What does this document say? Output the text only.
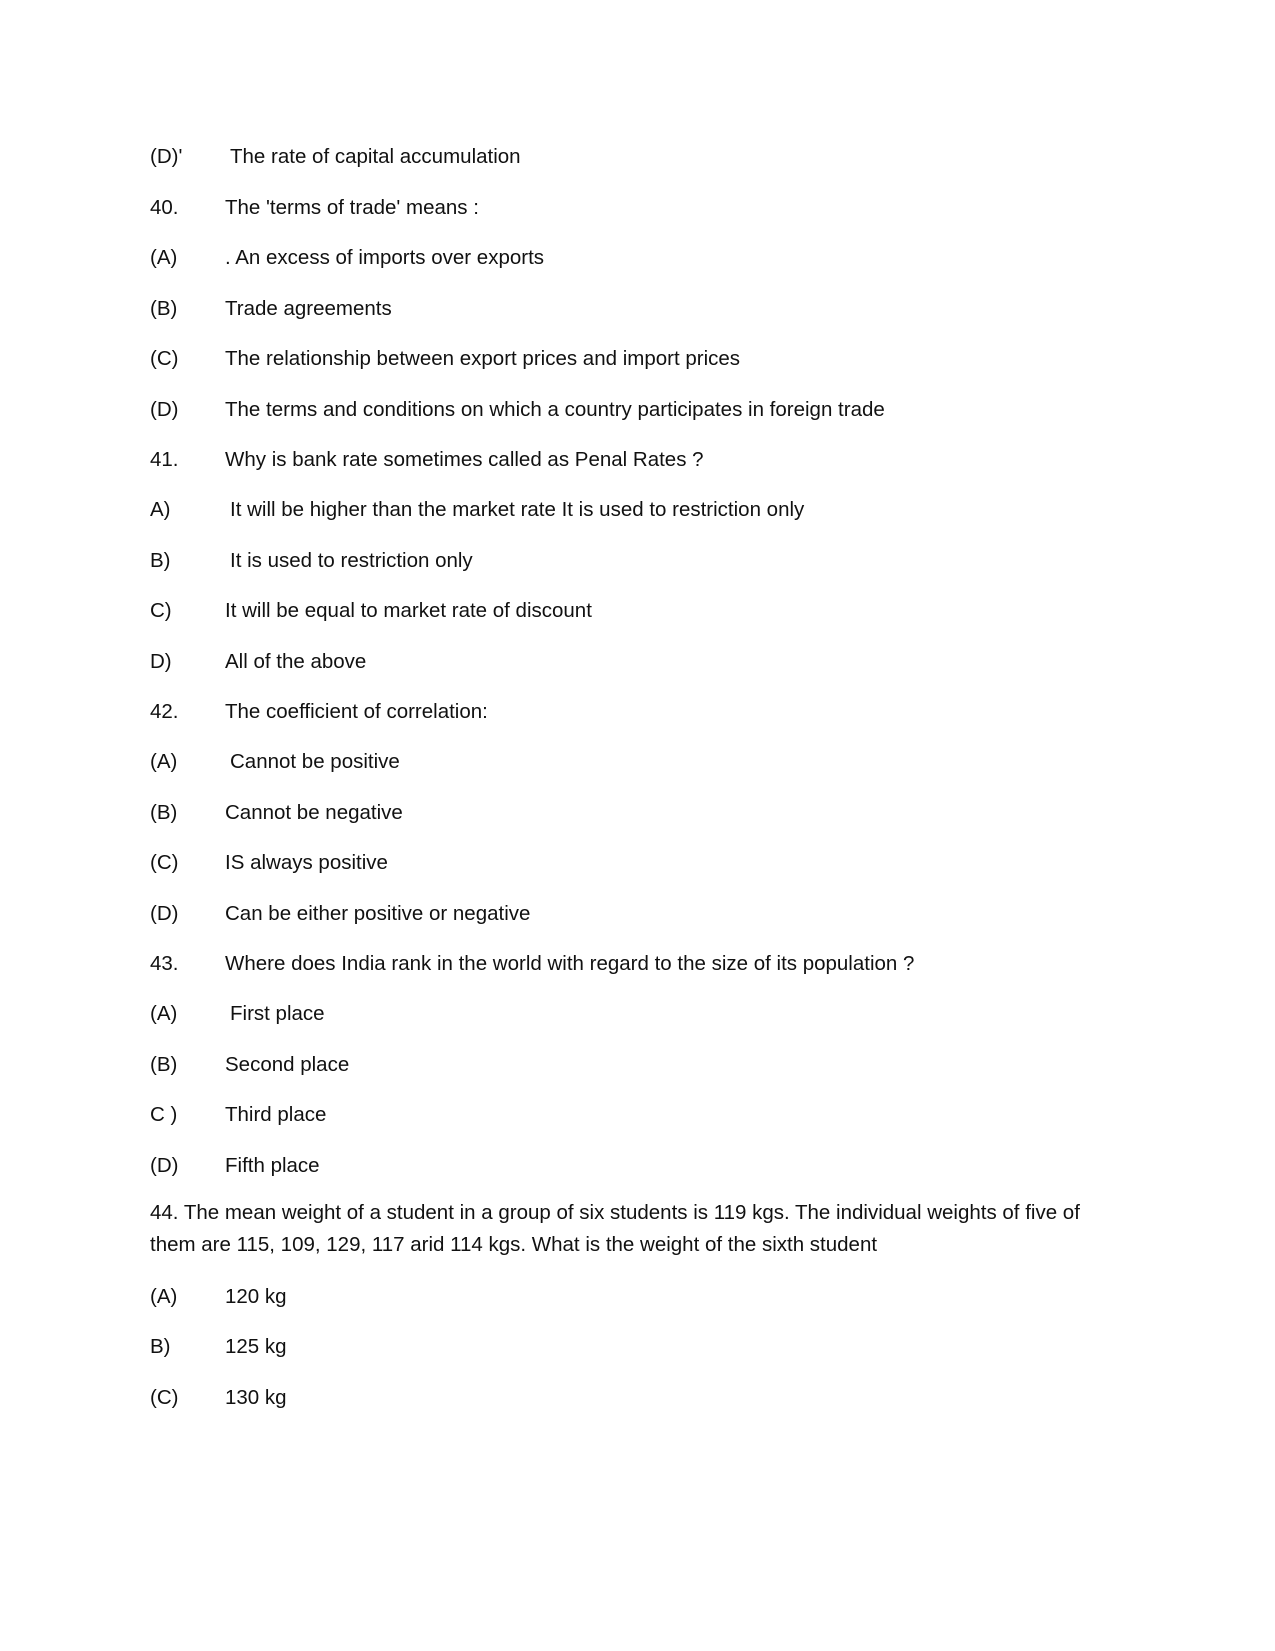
(D)' The rate of capital accumulation
40. The 'terms of trade' means :
(A) . An excess of imports over exports
(B) Trade agreements
(C) The relationship between export prices and import prices
(D) The terms and conditions on which a country participates in foreign trade
41. Why is bank rate sometimes called as Penal Rates ?
A)	It will be higher than the market rate It is used to restriction only
B)	It is used to restriction only
C)	It will be equal to market rate of discount
D)	All of the above
42. The coefficient of correlation:
(A)	Cannot be positive
(B) Cannot be negative
(C) IS always positive
(D) Can be either positive or negative
43. Where does India rank in the world with regard to the size of its population ?
(A)	First place
(B) Second place
C ) Third place
(D) Fifth place
44. The mean weight of a student in a group of six students is 119 kgs. The individual weights of five of them are 115, 109, 129, 117 arid 114 kgs. What is the weight of the sixth student
(A) 120 kg
B)	125 kg
(C) 130 kg
